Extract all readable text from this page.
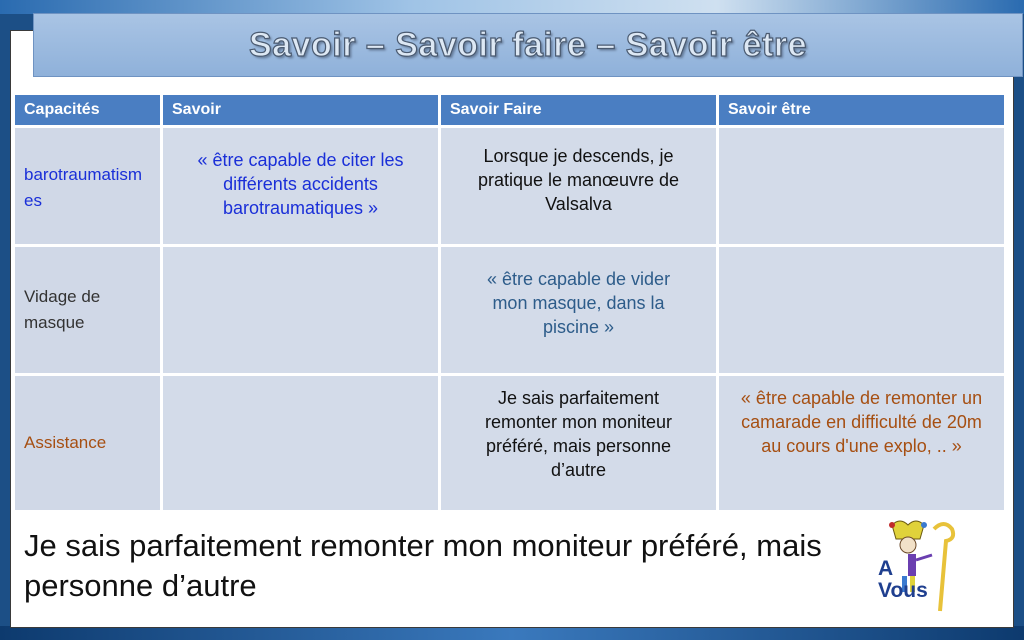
Savoir – Savoir faire – Savoir être
Capacités	Savoir	Savoir Faire	Savoir être

barotraumatismes	« être capable de citer les différents accidents barotraumatiques »	Lorsque je descends, je pratique le manœuvre de Valsalva	
Vidage de masque		« être capable de vider mon masque, dans la piscine »	
Assistance		Je sais parfaitement remonter mon moniteur préféré, mais personne d’autre	« être capable de remonter un camarade en difficulté de 20m au cours d'une explo, .. »
Je sais parfaitement remonter mon moniteur préféré, mais personne d’autre	A
Vous
